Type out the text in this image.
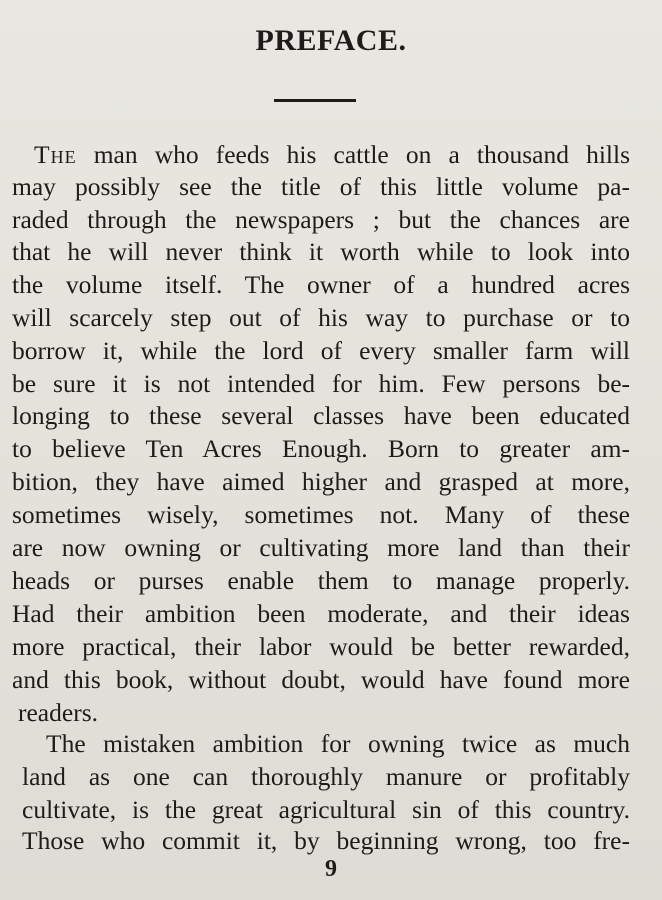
PREFACE.
The man who feeds his cattle on a thousand hills
may possibly see the title of this little volume pa-
raded through the newspapers ; but the chances are
that he will never think it worth while to look into
the volume itself. The owner of a hundred acres
will scarcely step out of his way to purchase or to
borrow it, while the lord of every smaller farm will
be sure it is not intended for him. Few persons be-
longing to these several classes have been educated
to believe Ten Acres Enough. Born to greater am-
bition, they have aimed higher and grasped at more,
sometimes wisely, sometimes not. Many of these
are now owning or cultivating more land than their
heads or purses enable them to manage properly.
Had their ambition been moderate, and their ideas
more practical, their labor would be better rewarded,
and this book, without doubt, would have found more
readers.
The mistaken ambition for owning twice as much
land as one can thoroughly manure or profitably
cultivate, is the great agricultural sin of this country.
Those who commit it, by beginning wrong, too fre-
9
